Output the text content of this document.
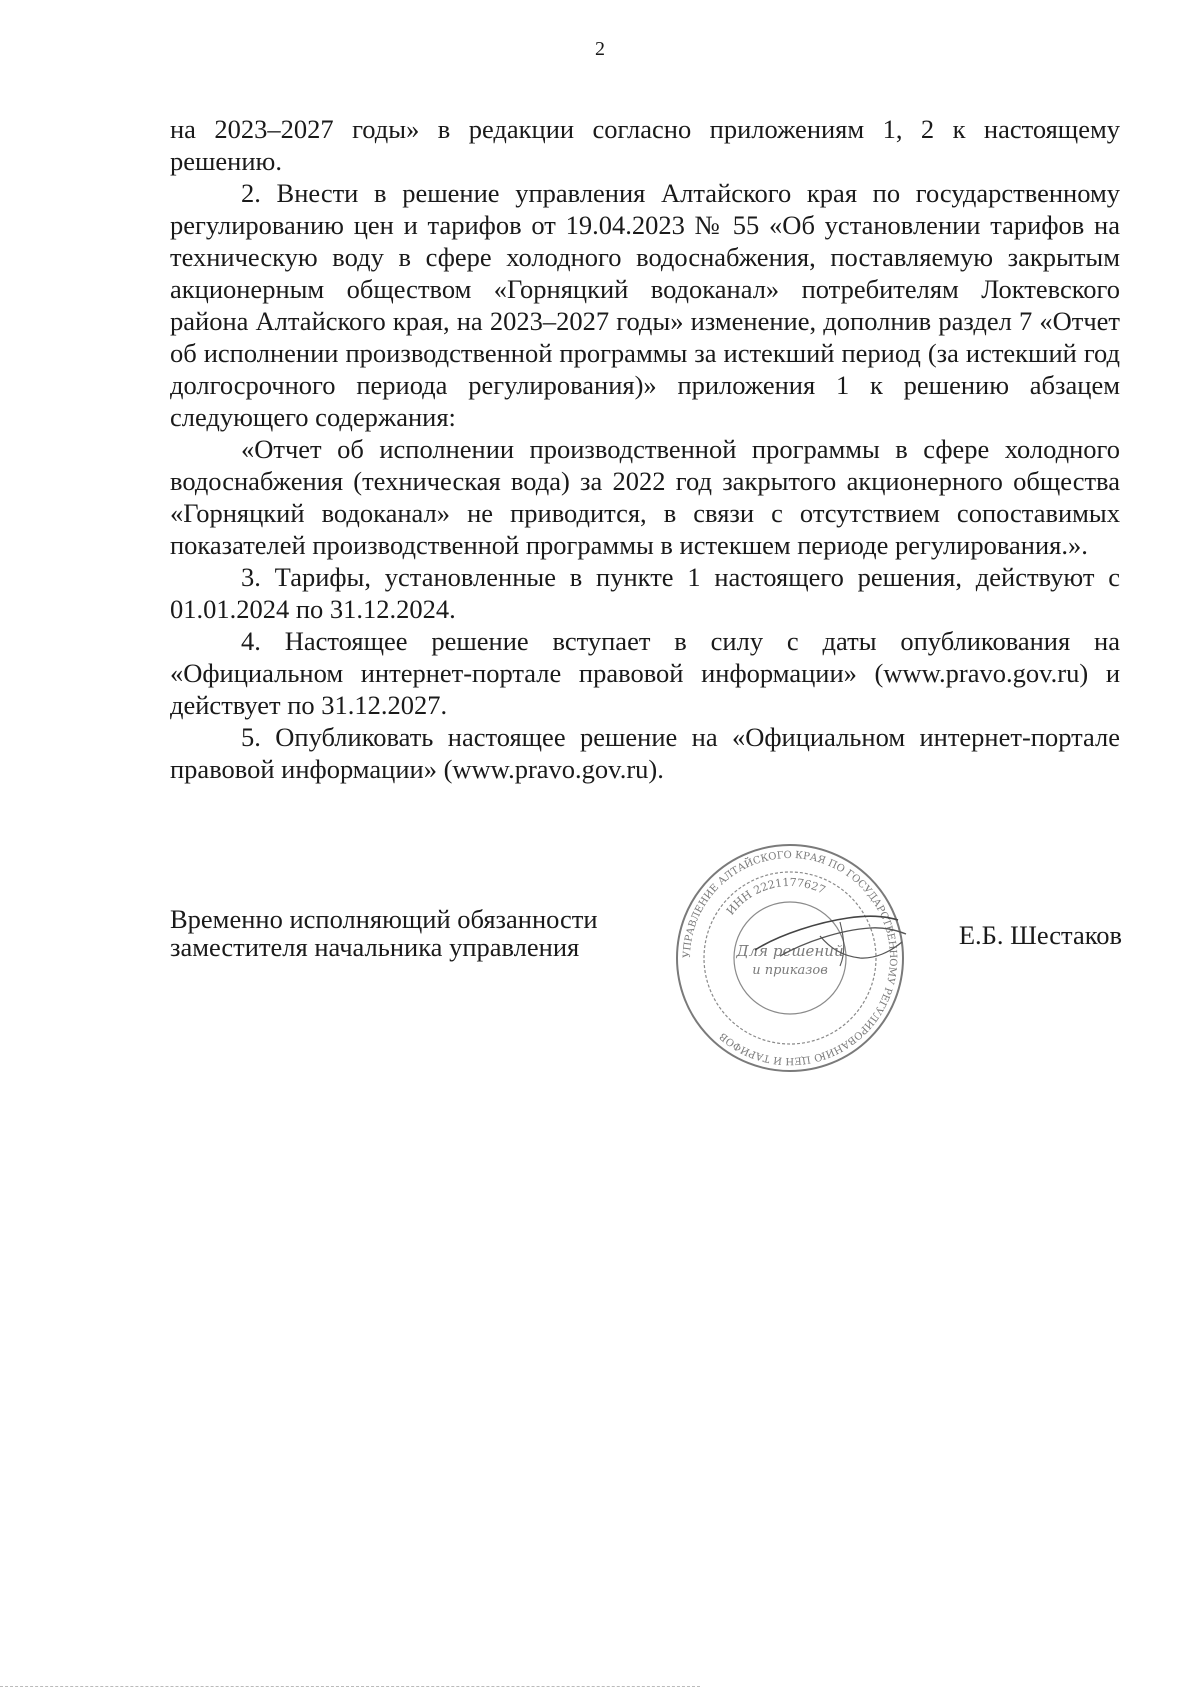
2

на 2023–2027 годы» в редакции согласно приложениям 1, 2 к настоящему решению.

2. Внести в решение управления Алтайского края по государственному регулированию цен и тарифов от 19.04.2023 № 55 «Об установлении тарифов на техническую воду в сфере холодного водоснабжения, поставляемую закрытым акционерным обществом «Горняцкий водоканал» потребителям Локтевского района Алтайского края, на 2023–2027 годы» изменение, дополнив раздел 7 «Отчет об исполнении производственной программы за истекший период (за истекший год долгосрочного периода регулирования)» приложения 1 к решению абзацем следующего содержания:

«Отчет об исполнении производственной программы в сфере холодного водоснабжения (техническая вода) за 2022 год закрытого акционерного общества «Горняцкий водоканал» не приводится, в связи с отсутствием сопоставимых показателей производственной программы в истекшем периоде регулирования.».

3. Тарифы, установленные в пункте 1 настоящего решения, действуют с 01.01.2024 по 31.12.2024.

4. Настоящее решение вступает в силу с даты опубликования на «Официальном интернет-портале правовой информации» (www.pravo.gov.ru) и действует по 31.12.2027.

5. Опубликовать настоящее решение на «Официальном интернет-портале правовой информации» (www.pravo.gov.ru).

Временно исполняющий обязанности
заместителя начальника управления	Е.Б. Шестаков
УПРАВЛЕНИЕ АЛТАЙСКОГО КРАЯ ПО ГОСУДАРСТВЕННОМУ РЕГУЛИРОВАНИЮ ЦЕН И ТАРИФОВ
ИНН 2221177627
Для решений
и приказов
